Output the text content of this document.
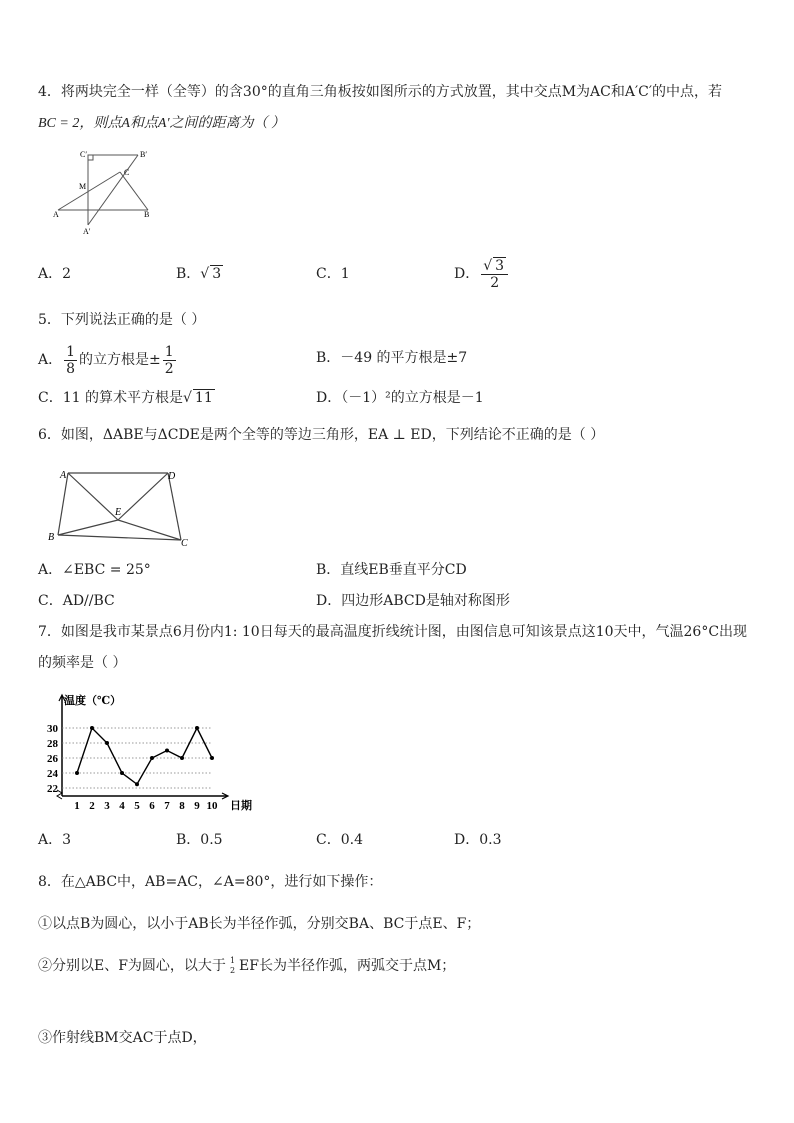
4．将两块完全一样（全等）的含30°的直角三角板按如图所示的方式放置，其中交点M为AC和A′C′的中点，若
BC = 2，则点A和点A′之间的距离为（ ）
C′	B′
C
M
A	B
A′
A．2	B．√ 3	C．1	D． $\frac{√ 3}{2}$
5．下列说法正确的是（ ）
A． $\frac{1}{8}$ 的立方根是± $\frac{1}{2}$	B．－49 的平方根是±7
C．11 的算术平方根是√ 11	D．（－1）²的立方根是－1
6．如图，ΔABE与ΔCDE是两个全等的等边三角形，EA ⊥ ED，下列结论不正确的是（ ）
A	D
E
B
C
A．∠EBC = 25°	B．直线EB垂直平分CD
C．AD//BC	D．四边形ABCD是轴对称图形
7．如图是我市某景点6月份内1: 10日每天的最高温度折线统计图，由图信息可知该景点这10天中，气温26°C出现
的频率是（ ）
22
24
26
28
30
温度（℃）
1 2 3 4 5 6 7 8 9 10 日期
A．3	B．0.5	C．0.4	D．0.3
8．在△ABC中，AB=AC，∠A=80°，进行如下操作：
①以点B为圆心，以小于AB长为半径作弧，分别交BA、BC于点E、F；
②分别以E、F为圆心，以大于 1
2 EF长为半径作弧，两弧交于点M；
③作射线BM交AC于点D，
